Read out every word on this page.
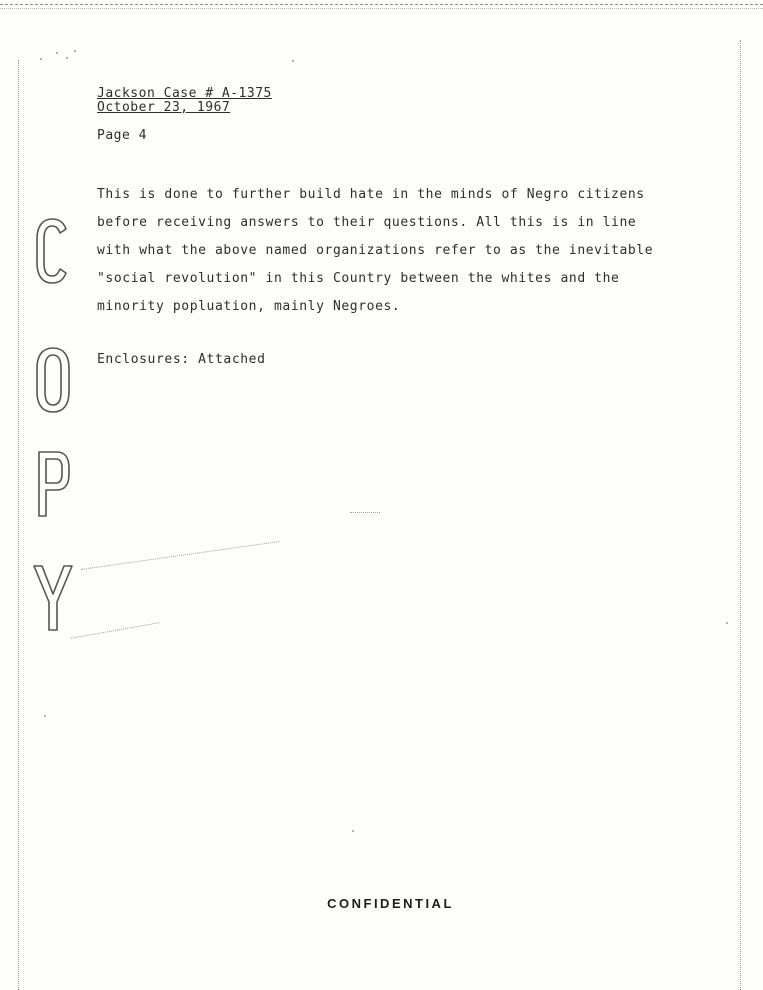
Jackson Case # A-1375
October 23, 1967
Page 4
This is done to further build hate in the minds of Negro citizens
before receiving answers to their questions. All this is in line
with what the above named organizations refer to as the inevitable
"social revolution" in this Country between the whites and the
minority popluation, mainly Negroes.
Enclosures: Attached
CONFIDENTIAL
